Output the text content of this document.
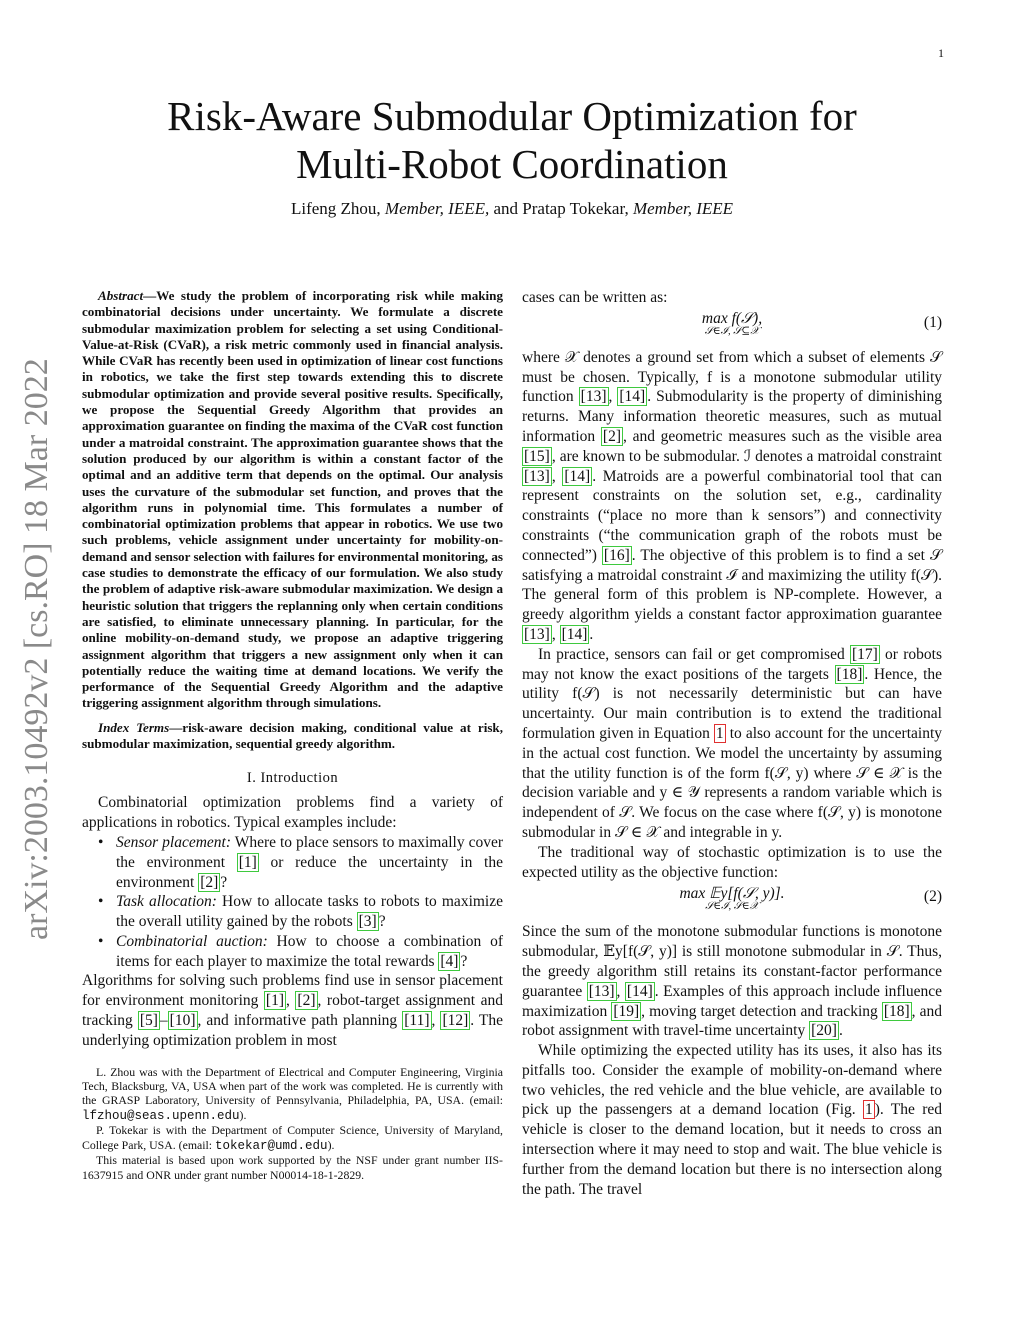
1
arXiv:2003.10492v2 [cs.RO] 18 Mar 2022
Risk-Aware Submodular Optimization for
Multi-Robot Coordination
Lifeng Zhou, Member, IEEE, and Pratap Tokekar, Member, IEEE

Abstract—We study the problem of incorporating risk while making combinatorial decisions under uncertainty. We formulate a discrete submodular maximization problem for selecting a set using Conditional-Value-at-Risk (CVaR), a risk metric commonly used in financial analysis. While CVaR has recently been used in optimization of linear cost functions in robotics, we take the first step towards extending this to discrete submodular optimization and provide several positive results. Specifically, we propose the Sequential Greedy Algorithm that provides an approximation guarantee on finding the maxima of the CVaR cost function under a matroidal constraint. The approximation guarantee shows that the solution produced by our algorithm is within a constant factor of the optimal and an additive term that depends on the optimal. Our analysis uses the curvature of the submodular set function, and proves that the algorithm runs in polynomial time. This formulates a number of combinatorial optimization problems that appear in robotics. We use two such problems, vehicle assignment under uncertainty for mobility-on-demand and sensor selection with failures for environmental monitoring, as case studies to demonstrate the efficacy of our formulation. We also study the problem of adaptive risk-aware submodular maximization. We design a heuristic solution that triggers the replanning only when certain conditions are satisfied, to eliminate unnecessary planning. In particular, for the online mobility-on-demand study, we propose an adaptive triggering assignment algorithm that triggers a new assignment only when it can potentially reduce the waiting time at demand locations. We verify the performance of the Sequential Greedy Algorithm and the adaptive triggering assignment algorithm through simulations.

Index Terms—risk-aware decision making, conditional value at risk, submodular maximization, sequential greedy algorithm.

I. Introduction

Combinatorial optimization problems find a variety of applications in robotics. Typical examples include:

• Sensor placement: Where to place sensors to maximally cover the environment [1] or reduce the uncertainty in the environment [2] ?
• Task allocation: How to allocate tasks to robots to maximize the overall utility gained by the robots [3] ?
• Combinatorial auction: How to choose a combination of items for each player to maximize the total rewards [4] ?

Algorithms for solving such problems find use in sensor placement for environment monitoring [1] , [2] , robot-target assignment and tracking [5] – [10] , and informative path planning [11] , [12] . The underlying optimization problem in most

L. Zhou was with the Department of Electrical and Computer Engineering, Virginia Tech, Blacksburg, VA, USA when part of the work was completed. He is currently with the GRASP Laboratory, University of Pennsylvania, Philadelphia, PA, USA. (email: lfzhou@seas.upenn.edu).

P. Tokekar is with the Department of Computer Science, University of Maryland, College Park, USA. (email: tokekar@umd.edu).

This material is based upon work supported by the NSF under grant number IIS-1637915 and ONR under grant number N00014-18-1-2829.

cases can be written as:

max f(𝒮),
𝒮∈ℐ, 𝒮⊆𝒳
(1)

where 𝒳 denotes a ground set from which a subset of elements 𝒮 must be chosen. Typically, f is a monotone submodular utility function [13] , [14] . Submodularity is the property of diminishing returns. Many information theoretic measures, such as mutual information [2] , and geometric measures such as the visible area [15] , are known to be submodular. ℐ denotes a matroidal constraint [13] , [14] . Matroids are a powerful combinatorial tool that can represent constraints on the solution set, e.g., cardinality constraints (“place no more than k sensors”) and connectivity constraints (“the communication graph of the robots must be connected”) [16] . The objective of this problem is to find a set 𝒮 satisfying a matroidal constraint ℐ and maximizing the utility f(𝒮). The general form of this problem is NP-complete. However, a greedy algorithm yields a constant factor approximation guarantee [13] , [14] .

In practice, sensors can fail or get compromised [17] or robots may not know the exact positions of the targets [18] . Hence, the utility f(𝒮) is not necessarily deterministic but can have uncertainty. Our main contribution is to extend the traditional formulation given in Equation 1 to also account for the uncertainty in the actual cost function. We model the uncertainty by assuming that the utility function is of the form f(𝒮, y) where 𝒮 ∈ 𝒳 is the decision variable and y ∈ 𝒴 represents a random variable which is independent of 𝒮. We focus on the case where f(𝒮, y) is monotone submodular in 𝒮 ∈ 𝒳 and integrable in y.

The traditional way of stochastic optimization is to use the expected utility as the objective function:

max 𝔼y[f(𝒮, y)].
𝒮∈ℐ, 𝒮∈𝒳
(2)

Since the sum of the monotone submodular functions is monotone submodular, 𝔼y[f(𝒮, y)] is still monotone submodular in 𝒮. Thus, the greedy algorithm still retains its constant-factor performance guarantee [13] , [14] . Examples of this approach include influence maximization [19] , moving target detection and tracking [18] , and robot assignment with travel-time uncertainty [20] .

While optimizing the expected utility has its uses, it also has its pitfalls too. Consider the example of mobility-on-demand where two vehicles, the red vehicle and the blue vehicle, are available to pick up the passengers at a demand location (Fig. 1 ). The red vehicle is closer to the demand location, but it needs to cross an intersection where it may need to stop and wait. The blue vehicle is further from the demand location but there is no intersection along the path. The travel
